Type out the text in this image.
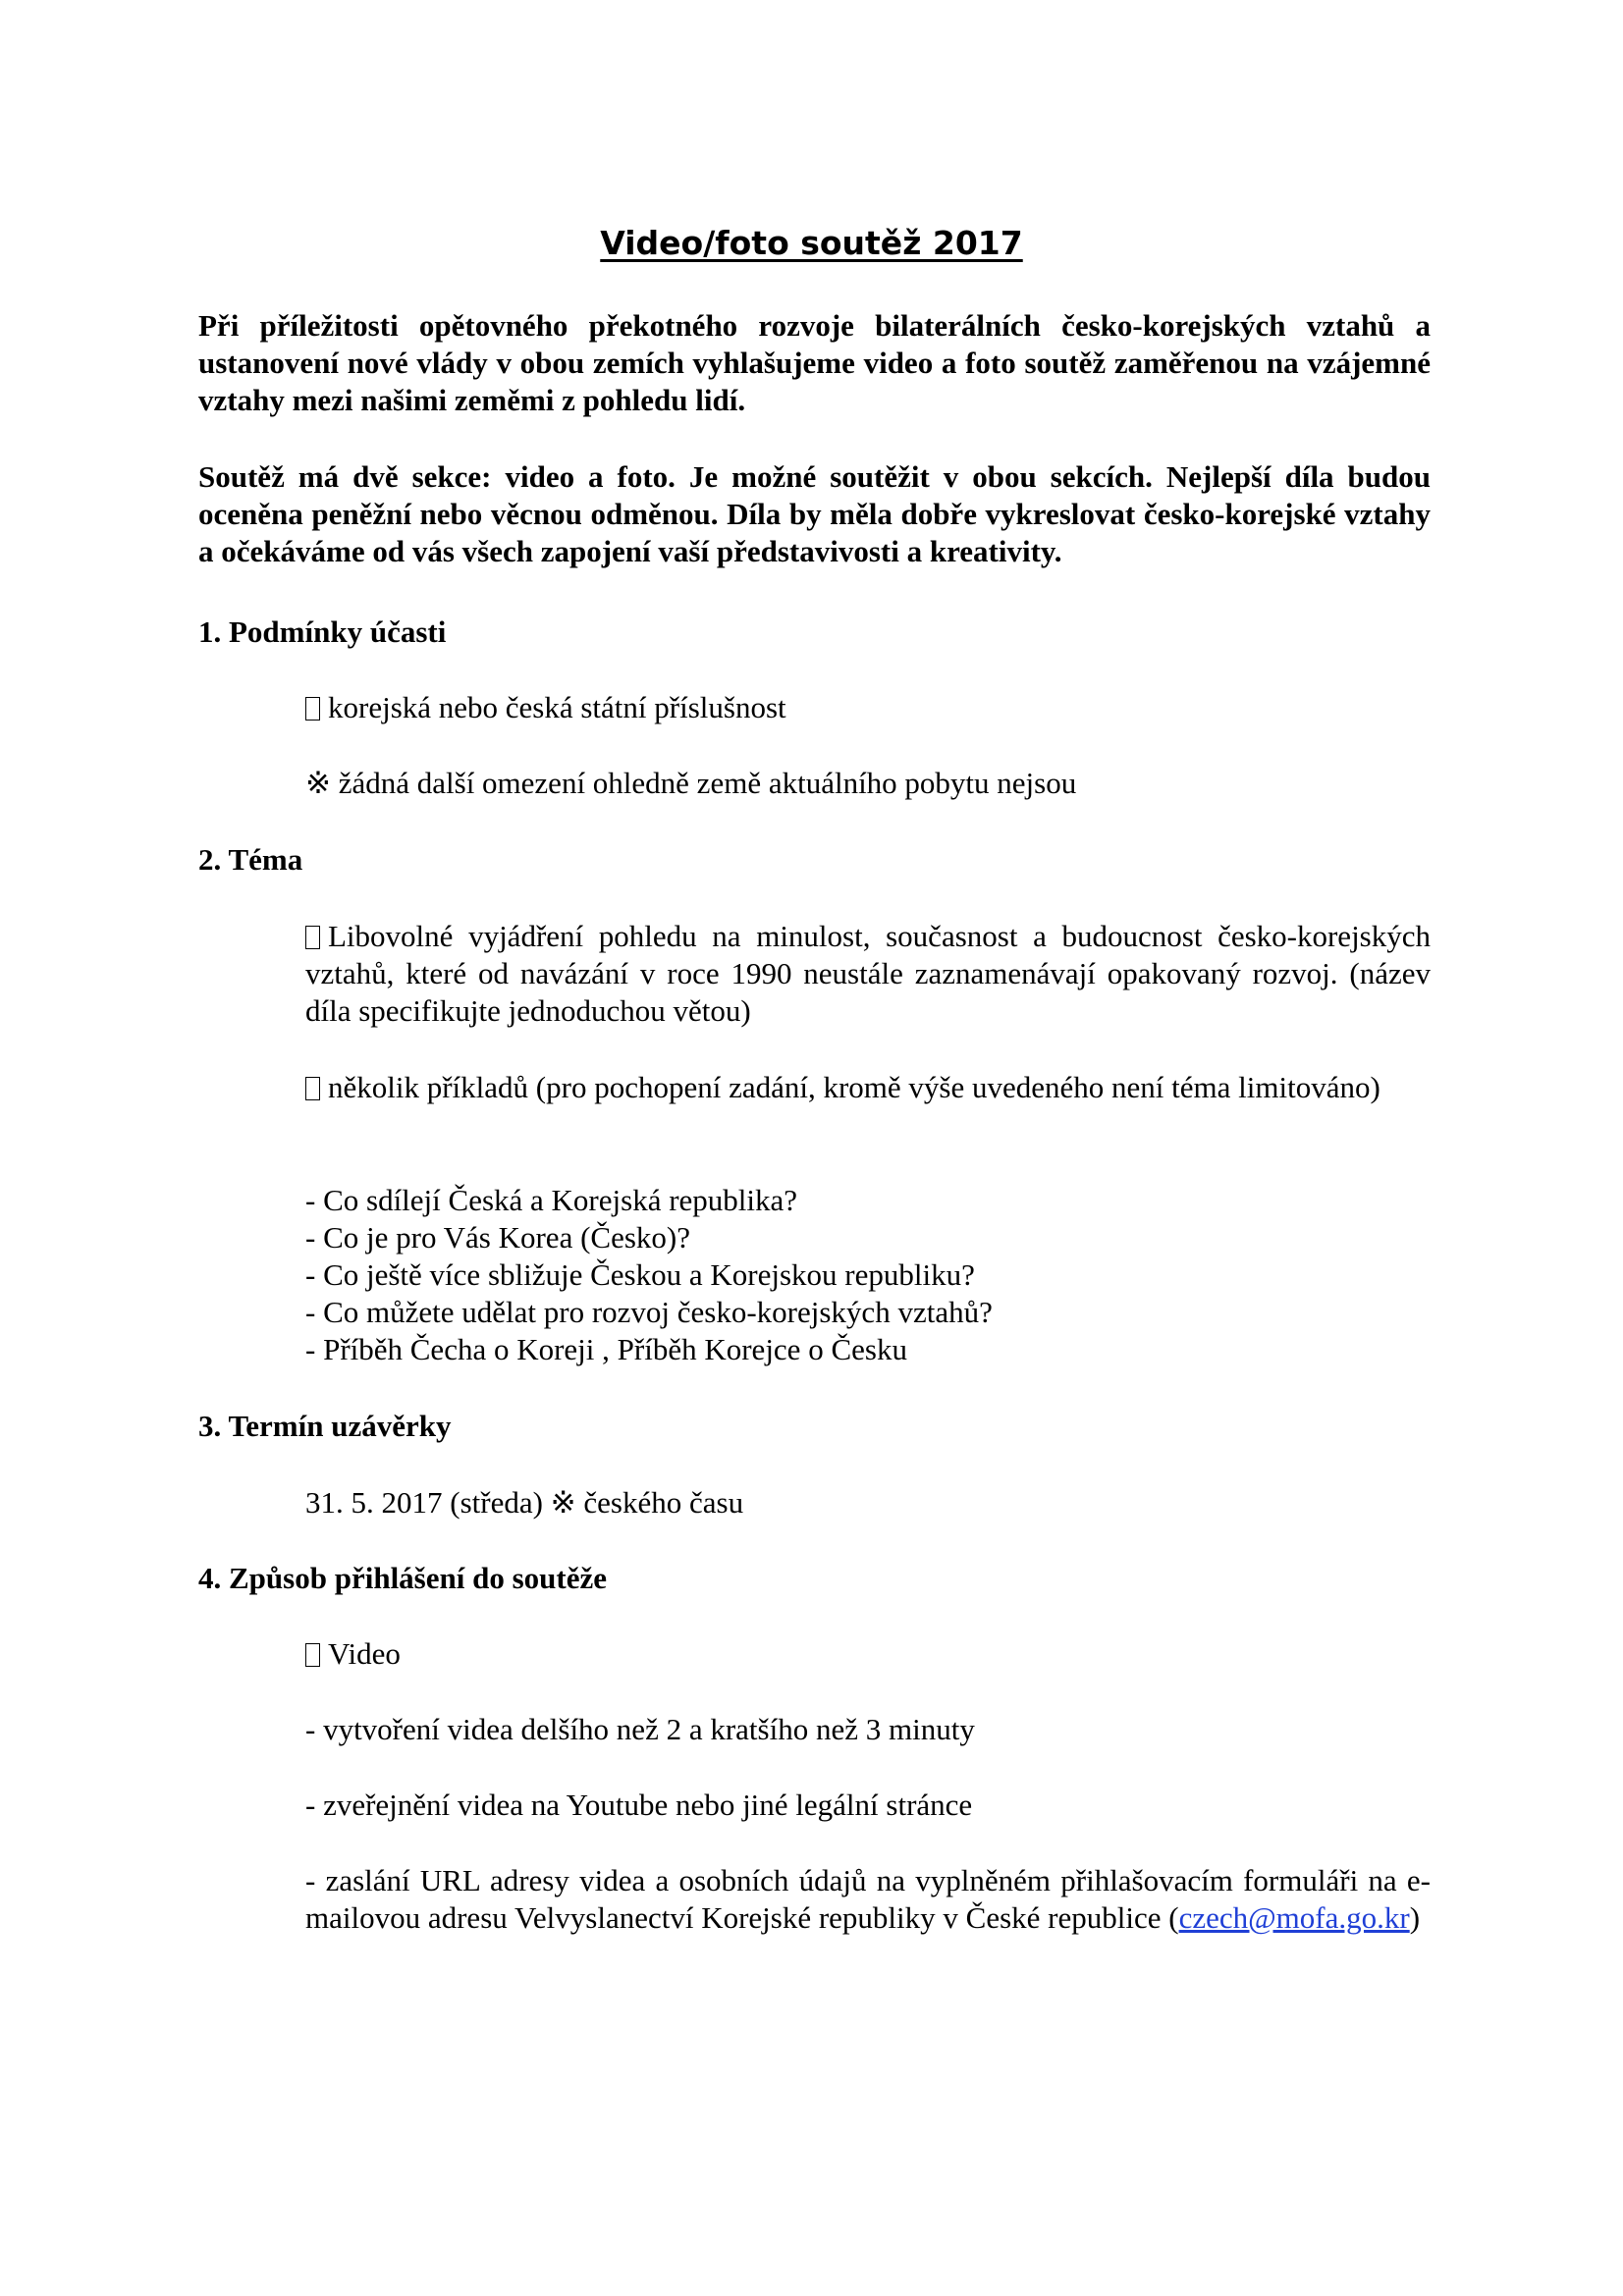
Video/foto soutěž 2017

Při příležitosti opětovného překotného rozvoje bilaterálních česko-korejských vztahů a ustanovení nové vlády v obou zemích vyhlašujeme video a foto soutěž zaměřenou na vzájemné vztahy mezi našimi zeměmi z pohledu lidí.

Soutěž má dvě sekce: video a foto. Je možné soutěžit v obou sekcích. Nejlepší díla budou oceněna peněžní nebo věcnou odměnou. Díla by měla dobře vykreslovat česko-korejské vztahy a očekáváme od vás všech zapojení vaší představivosti a kreativity.

1. Podmínky účasti

korejská nebo česká státní příslušnost

※ žádná další omezení ohledně země aktuálního pobytu nejsou

2. Téma

Libovolné vyjádření pohledu na minulost, současnost a budoucnost česko-korejských vztahů, které od navázání v roce 1990 neustále zaznamenávají opakovaný rozvoj. (název díla specifikujte jednoduchou větou)

několik příkladů (pro pochopení zadání, kromě výše uvedeného není téma limitováno)

- Co sdílejí Česká a Korejská republika?
- Co je pro Vás Korea (Česko)?
- Co ještě více sbližuje Českou a Korejskou republiku?
- Co můžete udělat pro rozvoj česko-korejských vztahů?
- Příběh Čecha o Koreji , Příběh Korejce o Česku

3. Termín uzávěrky

31. 5. 2017 (středa) ※ českého času

4. Způsob přihlášení do soutěže

Video

- vytvoření videa delšího než 2 a kratšího než 3 minuty

- zveřejnění videa na Youtube nebo jiné legální stránce

- zaslání URL adresy videa a osobních údajů na vyplněném přihlašovacím formuláři na e-mailovou adresu Velvyslanectví Korejské republiky v České republice (czech@mofa.go.kr)
